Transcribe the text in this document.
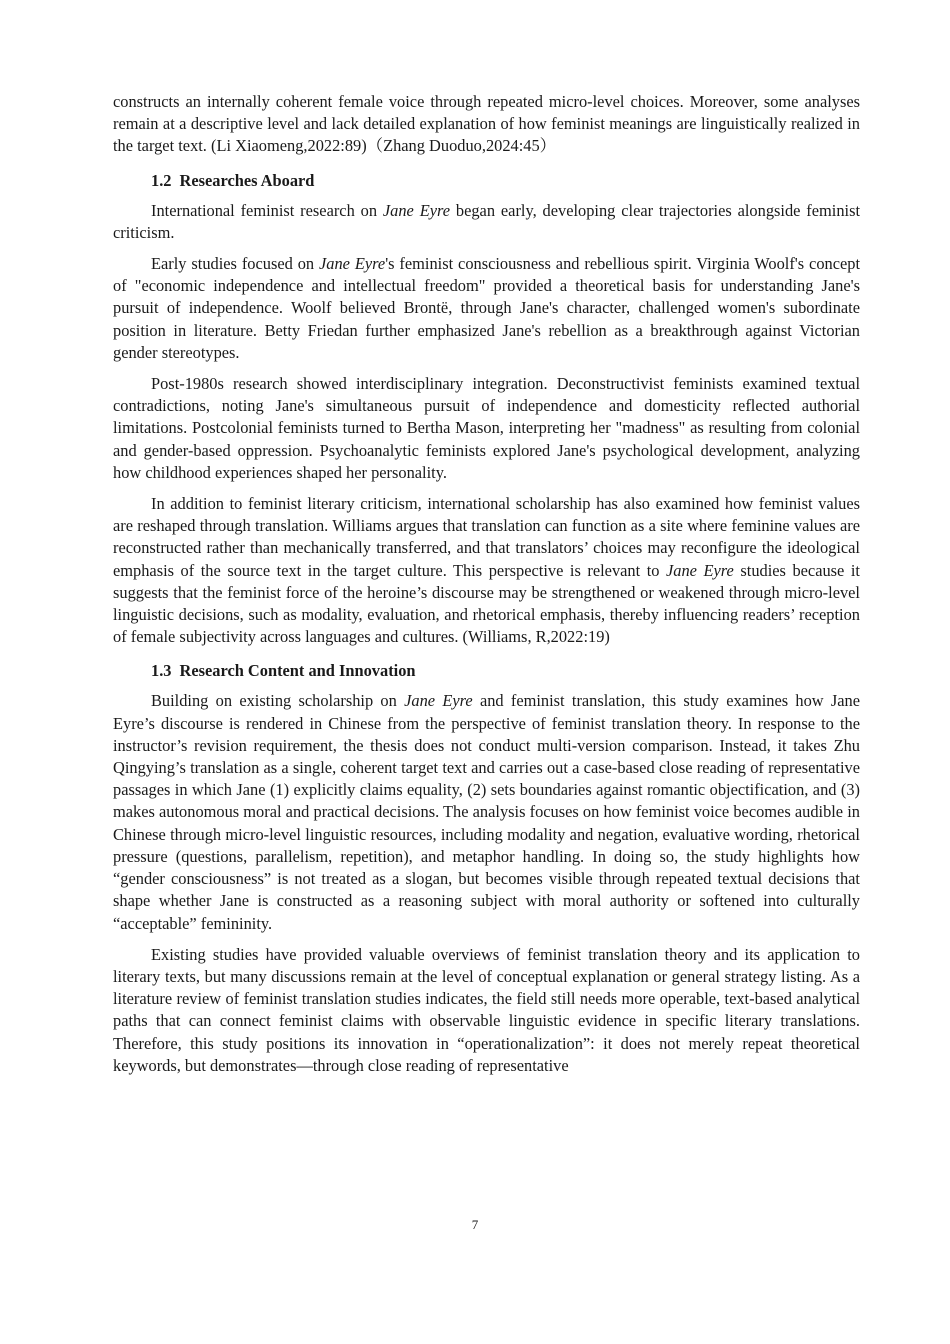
constructs an internally coherent female voice through repeated micro-level choices. Moreover, some analyses remain at a descriptive level and lack detailed explanation of how feminist meanings are linguistically realized in the target text. (Li Xiaomeng,2022:89)（Zhang Duoduo,2024:45）

1.2 Researches Aboard

International feminist research on Jane Eyre began early, developing clear trajectories alongside feminist criticism.

Early studies focused on Jane Eyre's feminist consciousness and rebellious spirit. Virginia Woolf's concept of "economic independence and intellectual freedom" provided a theoretical basis for understanding Jane's pursuit of independence. Woolf believed Brontë, through Jane's character, challenged women's subordinate position in literature. Betty Friedan further emphasized Jane's rebellion as a breakthrough against Victorian gender stereotypes.

Post-1980s research showed interdisciplinary integration. Deconstructivist feminists examined textual contradictions, noting Jane's simultaneous pursuit of independence and domesticity reflected authorial limitations. Postcolonial feminists turned to Bertha Mason, interpreting her "madness" as resulting from colonial and gender-based oppression. Psychoanalytic feminists explored Jane's psychological development, analyzing how childhood experiences shaped her personality.

In addition to feminist literary criticism, international scholarship has also examined how feminist values are reshaped through translation. Williams argues that translation can function as a site where feminine values are reconstructed rather than mechanically transferred, and that translators’ choices may reconfigure the ideological emphasis of the source text in the target culture. This perspective is relevant to Jane Eyre studies because it suggests that the feminist force of the heroine’s discourse may be strengthened or weakened through micro-level linguistic decisions, such as modality, evaluation, and rhetorical emphasis, thereby influencing readers’ reception of female subjectivity across languages and cultures. (Williams, R,2022:19)

1.3 Research Content and Innovation

Building on existing scholarship on Jane Eyre and feminist translation, this study examines how Jane Eyre’s discourse is rendered in Chinese from the perspective of feminist translation theory. In response to the instructor’s revision requirement, the thesis does not conduct multi-version comparison. Instead, it takes Zhu Qingying’s translation as a single, coherent target text and carries out a case-based close reading of representative passages in which Jane (1) explicitly claims equality, (2) sets boundaries against romantic objectification, and (3) makes autonomous moral and practical decisions. The analysis focuses on how feminist voice becomes audible in Chinese through micro-level linguistic resources, including modality and negation, evaluative wording, rhetorical pressure (questions, parallelism, repetition), and metaphor handling. In doing so, the study highlights how “gender consciousness” is not treated as a slogan, but becomes visible through repeated textual decisions that shape whether Jane is constructed as a reasoning subject with moral authority or softened into culturally “acceptable” femininity.

Existing studies have provided valuable overviews of feminist translation theory and its application to literary texts, but many discussions remain at the level of conceptual explanation or general strategy listing. As a literature review of feminist translation studies indicates, the field still needs more operable, text-based analytical paths that can connect feminist claims with observable linguistic evidence in specific literary translations. Therefore, this study positions its innovation in “operationalization”: it does not merely repeat theoretical keywords, but demonstrates—through close reading of representative

7
